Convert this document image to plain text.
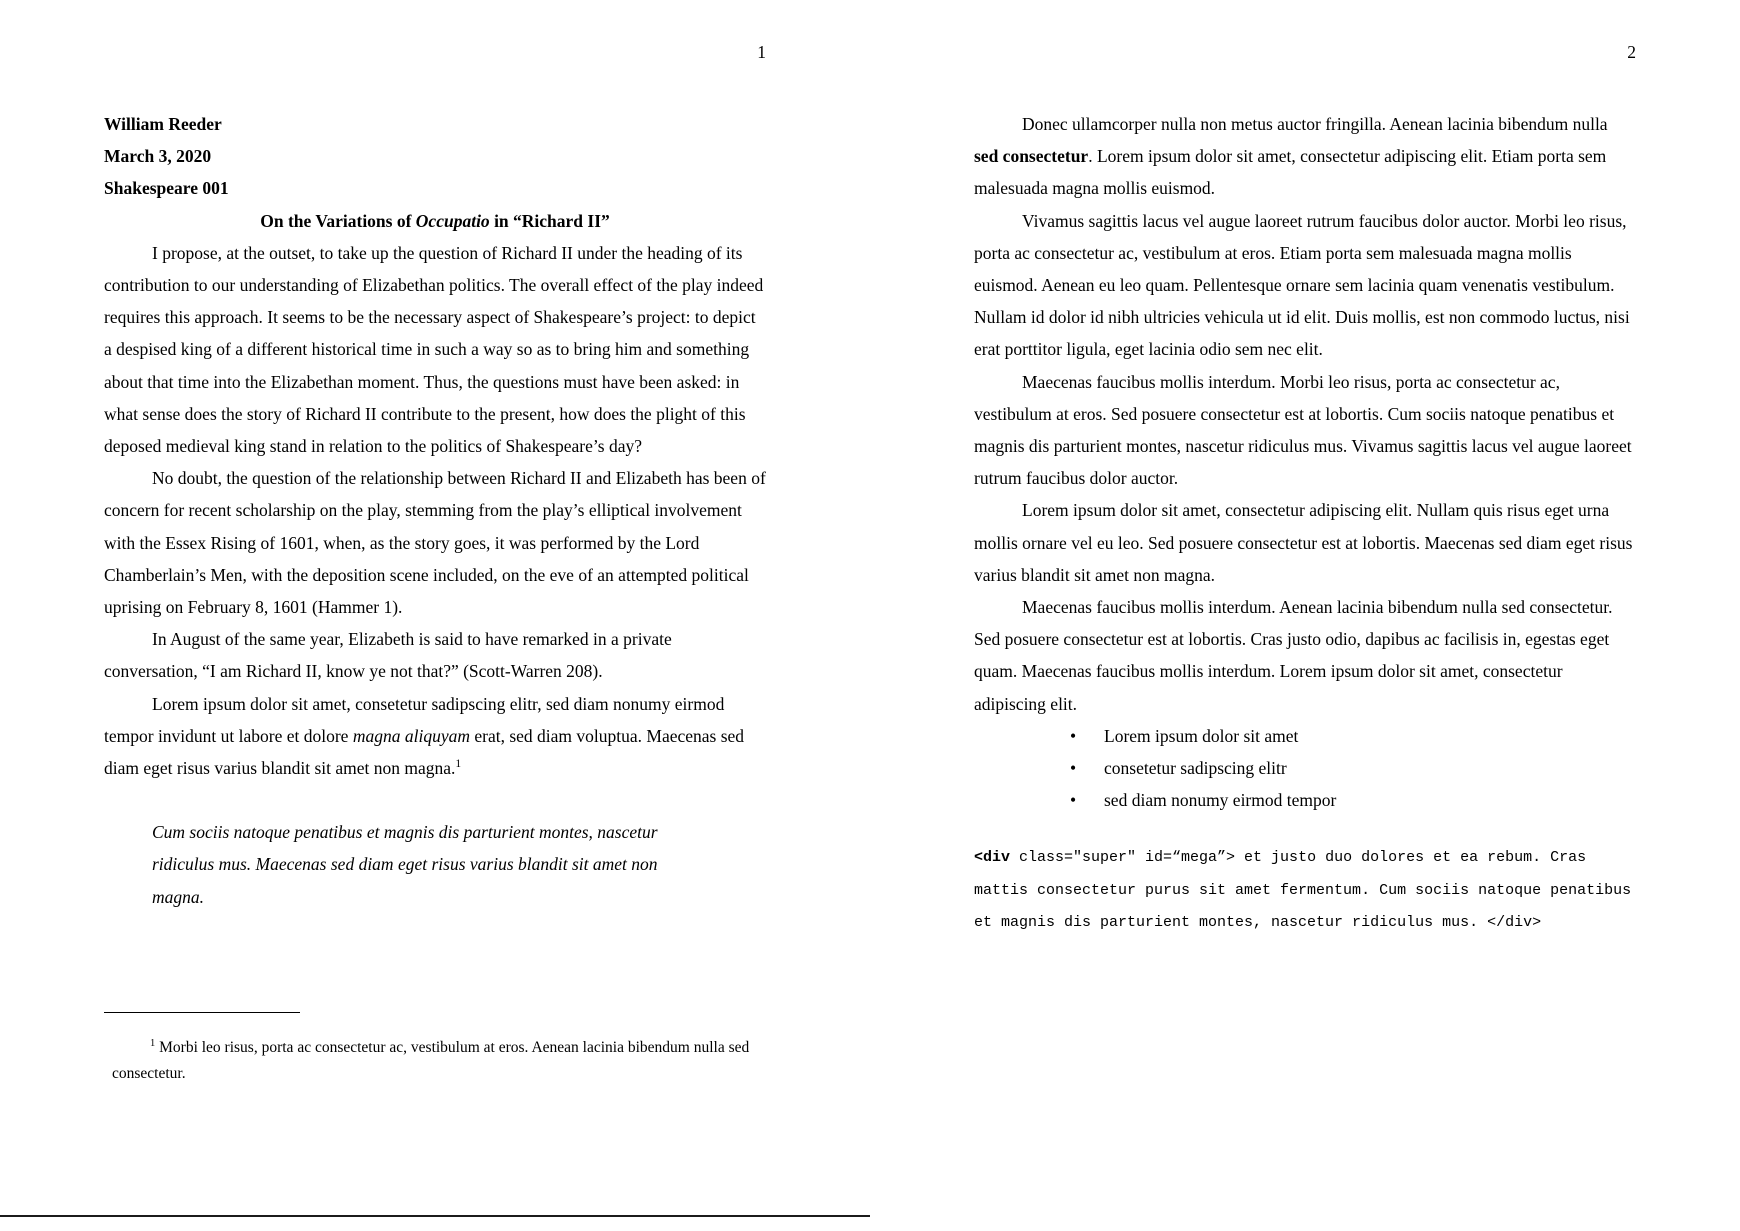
1
William Reeder
March 3, 2020
Shakespeare 001
On the Variations of Occupatio in “Richard II”

I propose, at the outset, to take up the question of Richard II under the heading of its contribution to our understanding of Elizabethan politics. The overall effect of the play indeed requires this approach. It seems to be the necessary aspect of Shakespeare’s project: to depict a despised king of a different historical time in such a way so as to bring him and something about that time into the Elizabethan moment. Thus, the questions must have been asked: in what sense does the story of Richard II contribute to the present, how does the plight of this deposed medieval king stand in relation to the politics of Shakespeare’s day?

No doubt, the question of the relationship between Richard II and Elizabeth has been of concern for recent scholarship on the play, stemming from the play’s elliptical involvement with the Essex Rising of 1601, when, as the story goes, it was performed by the Lord Chamberlain’s Men, with the deposition scene included, on the eve of an attempted political uprising on February 8, 1601 (Hammer 1).

In August of the same year, Elizabeth is said to have remarked in a private conversation, “I am Richard II, know ye not that?” (Scott-Warren 208).

Lorem ipsum dolor sit amet, consetetur sadipscing elitr, sed diam nonumy eirmod tempor invidunt ut labore et dolore magna aliquyam erat, sed diam voluptua. Maecenas sed diam eget risus varius blandit sit amet non magna.$^1$

Cum sociis natoque penatibus et magnis dis parturient montes, nascetur ridiculus mus. Maecenas sed diam eget risus varius blandit sit amet non magna.

$^1$ Morbi leo risus, porta ac consectetur ac, vestibulum at eros. Aenean lacinia bibendum nulla sed consectetur.

2

Donec ullamcorper nulla non metus auctor fringilla. Aenean lacinia bibendum nulla sed consectetur. Lorem ipsum dolor sit amet, consectetur adipiscing elit. Etiam porta sem malesuada magna mollis euismod.

Vivamus sagittis lacus vel augue laoreet rutrum faucibus dolor auctor. Morbi leo risus, porta ac consectetur ac, vestibulum at eros. Etiam porta sem malesuada magna mollis euismod. Aenean eu leo quam. Pellentesque ornare sem lacinia quam venenatis vestibulum. Nullam id dolor id nibh ultricies vehicula ut id elit. Duis mollis, est non commodo luctus, nisi erat porttitor ligula, eget lacinia odio sem nec elit.

Maecenas faucibus mollis interdum. Morbi leo risus, porta ac consectetur ac, vestibulum at eros. Sed posuere consectetur est at lobortis. Cum sociis natoque penatibus et magnis dis parturient montes, nascetur ridiculus mus. Vivamus sagittis lacus vel augue laoreet rutrum faucibus dolor auctor.

Lorem ipsum dolor sit amet, consectetur adipiscing elit. Nullam quis risus eget urna mollis ornare vel eu leo. Sed posuere consectetur est at lobortis. Maecenas sed diam eget risus varius blandit sit amet non magna.

Maecenas faucibus mollis interdum. Aenean lacinia bibendum nulla sed consectetur. Sed posuere consectetur est at lobortis. Cras justo odio, dapibus ac facilisis in, egestas eget quam. Maecenas faucibus mollis interdum. Lorem ipsum dolor sit amet, consectetur adipiscing elit.

• Lorem ipsum dolor sit amet
• consetetur sadipscing elitr
• sed diam nonumy eirmod tempor
<div class="super" id=“mega”> et justo duo dolores et ea rebum. Cras mattis consectetur purus sit amet fermentum. Cum sociis natoque penatibus et magnis dis parturient montes, nascetur ridiculus mus. </div>
